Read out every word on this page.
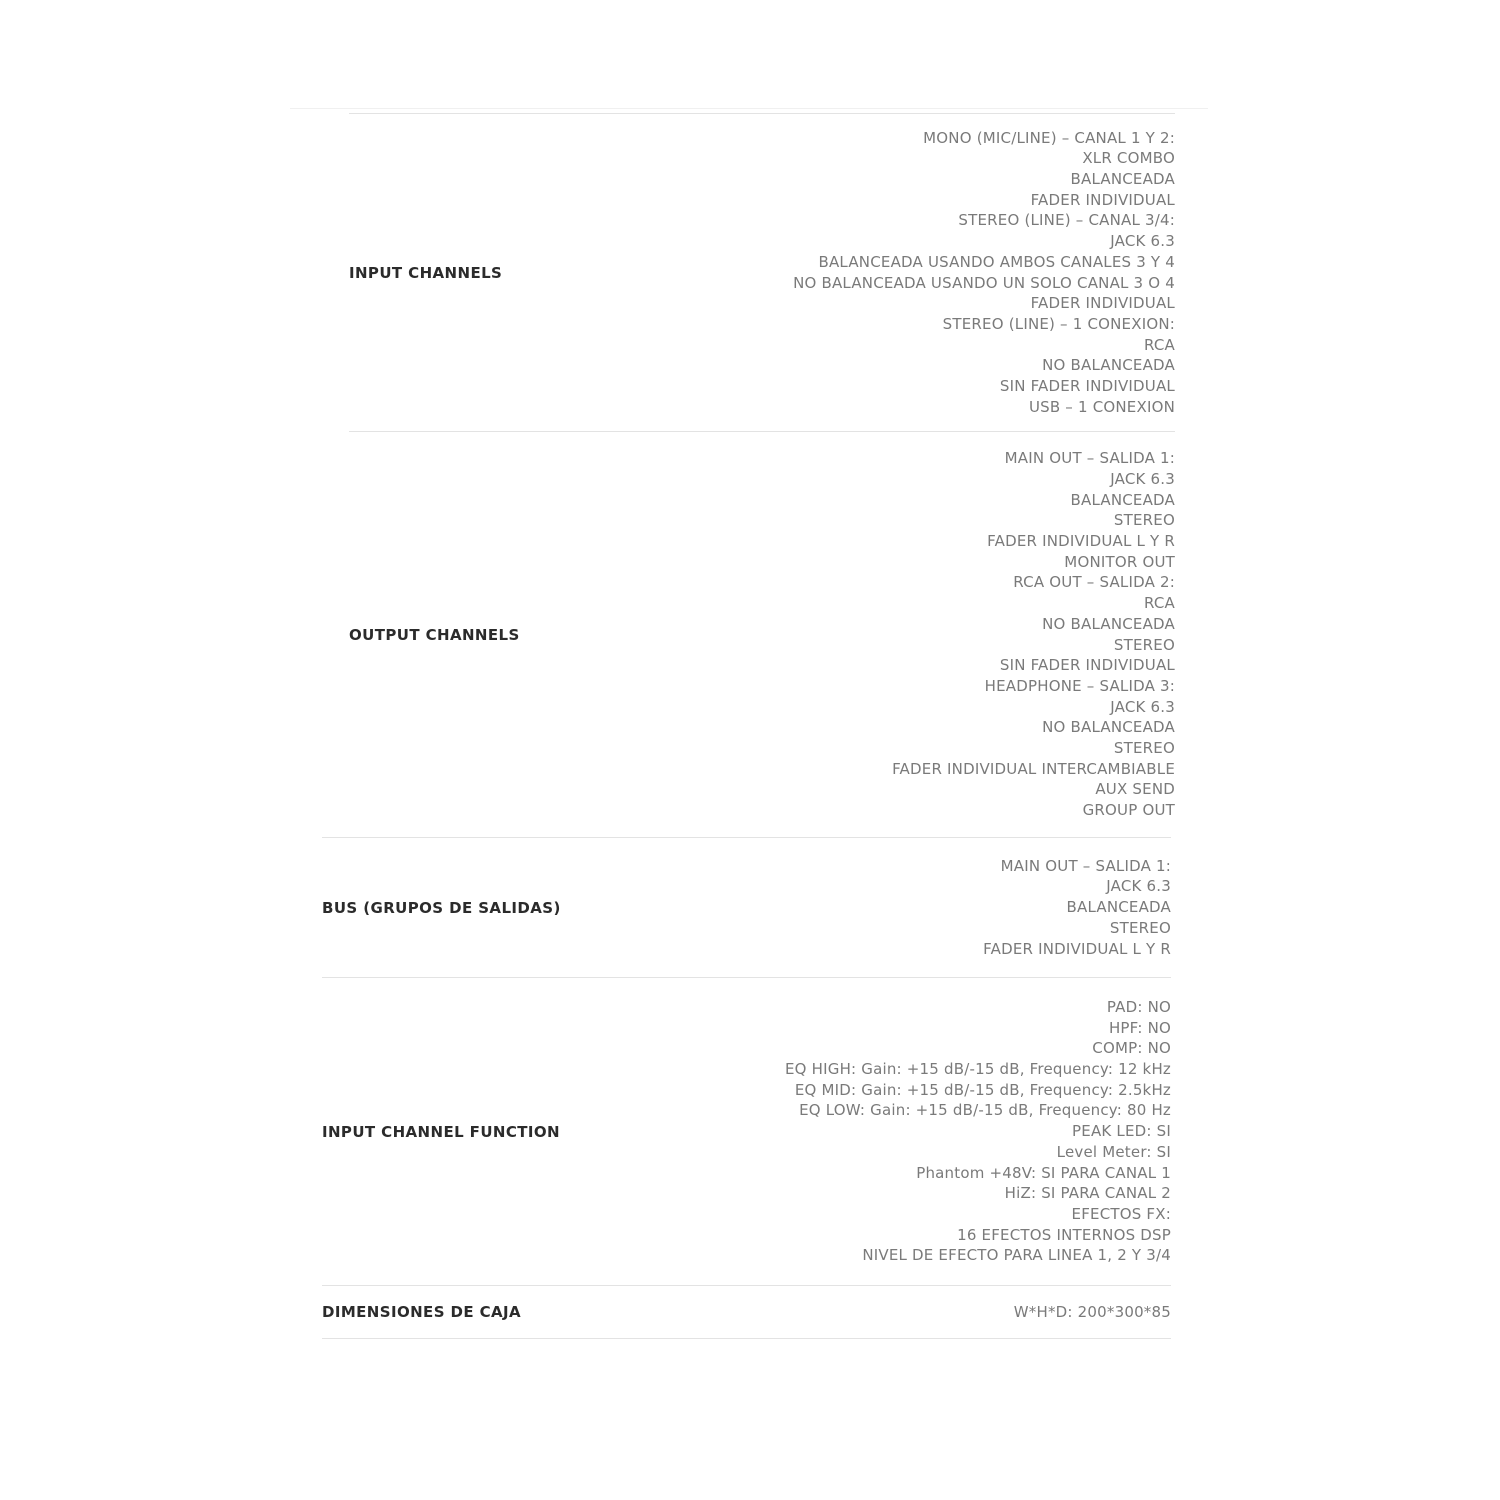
INPUT CHANNELS
MONO (MIC/LINE) – CANAL 1 Y 2:
XLR COMBO
BALANCEADA
FADER INDIVIDUAL
STEREO (LINE) – CANAL 3/4:
JACK 6.3
BALANCEADA USANDO AMBOS CANALES 3 Y 4
NO BALANCEADA USANDO UN SOLO CANAL 3 O 4
FADER INDIVIDUAL
STEREO (LINE) – 1 CONEXION:
RCA
NO BALANCEADA
SIN FADER INDIVIDUAL
USB – 1 CONEXION
OUTPUT CHANNELS
MAIN OUT – SALIDA 1:
JACK 6.3
BALANCEADA
STEREO
FADER INDIVIDUAL L Y R
MONITOR OUT
RCA OUT – SALIDA 2:
RCA
NO BALANCEADA
STEREO
SIN FADER INDIVIDUAL
HEADPHONE – SALIDA 3:
JACK 6.3
NO BALANCEADA
STEREO
FADER INDIVIDUAL INTERCAMBIABLE
AUX SEND
GROUP OUT
BUS (GRUPOS DE SALIDAS)
MAIN OUT – SALIDA 1:
JACK 6.3
BALANCEADA
STEREO
FADER INDIVIDUAL L Y R
INPUT CHANNEL FUNCTION
PAD: NO
HPF: NO
COMP: NO
EQ HIGH: Gain: +15 dB/-15 dB, Frequency: 12 kHz
EQ MID: Gain: +15 dB/-15 dB, Frequency: 2.5kHz
EQ LOW: Gain: +15 dB/-15 dB, Frequency: 80 Hz
PEAK LED: SI
Level Meter: SI
Phantom +48V: SI PARA CANAL 1
HiZ: SI PARA CANAL 2
EFECTOS FX:
16 EFECTOS INTERNOS DSP
NIVEL DE EFECTO PARA LINEA 1, 2 Y 3/4
DIMENSIONES DE CAJA	W*H*D: 200*300*85
